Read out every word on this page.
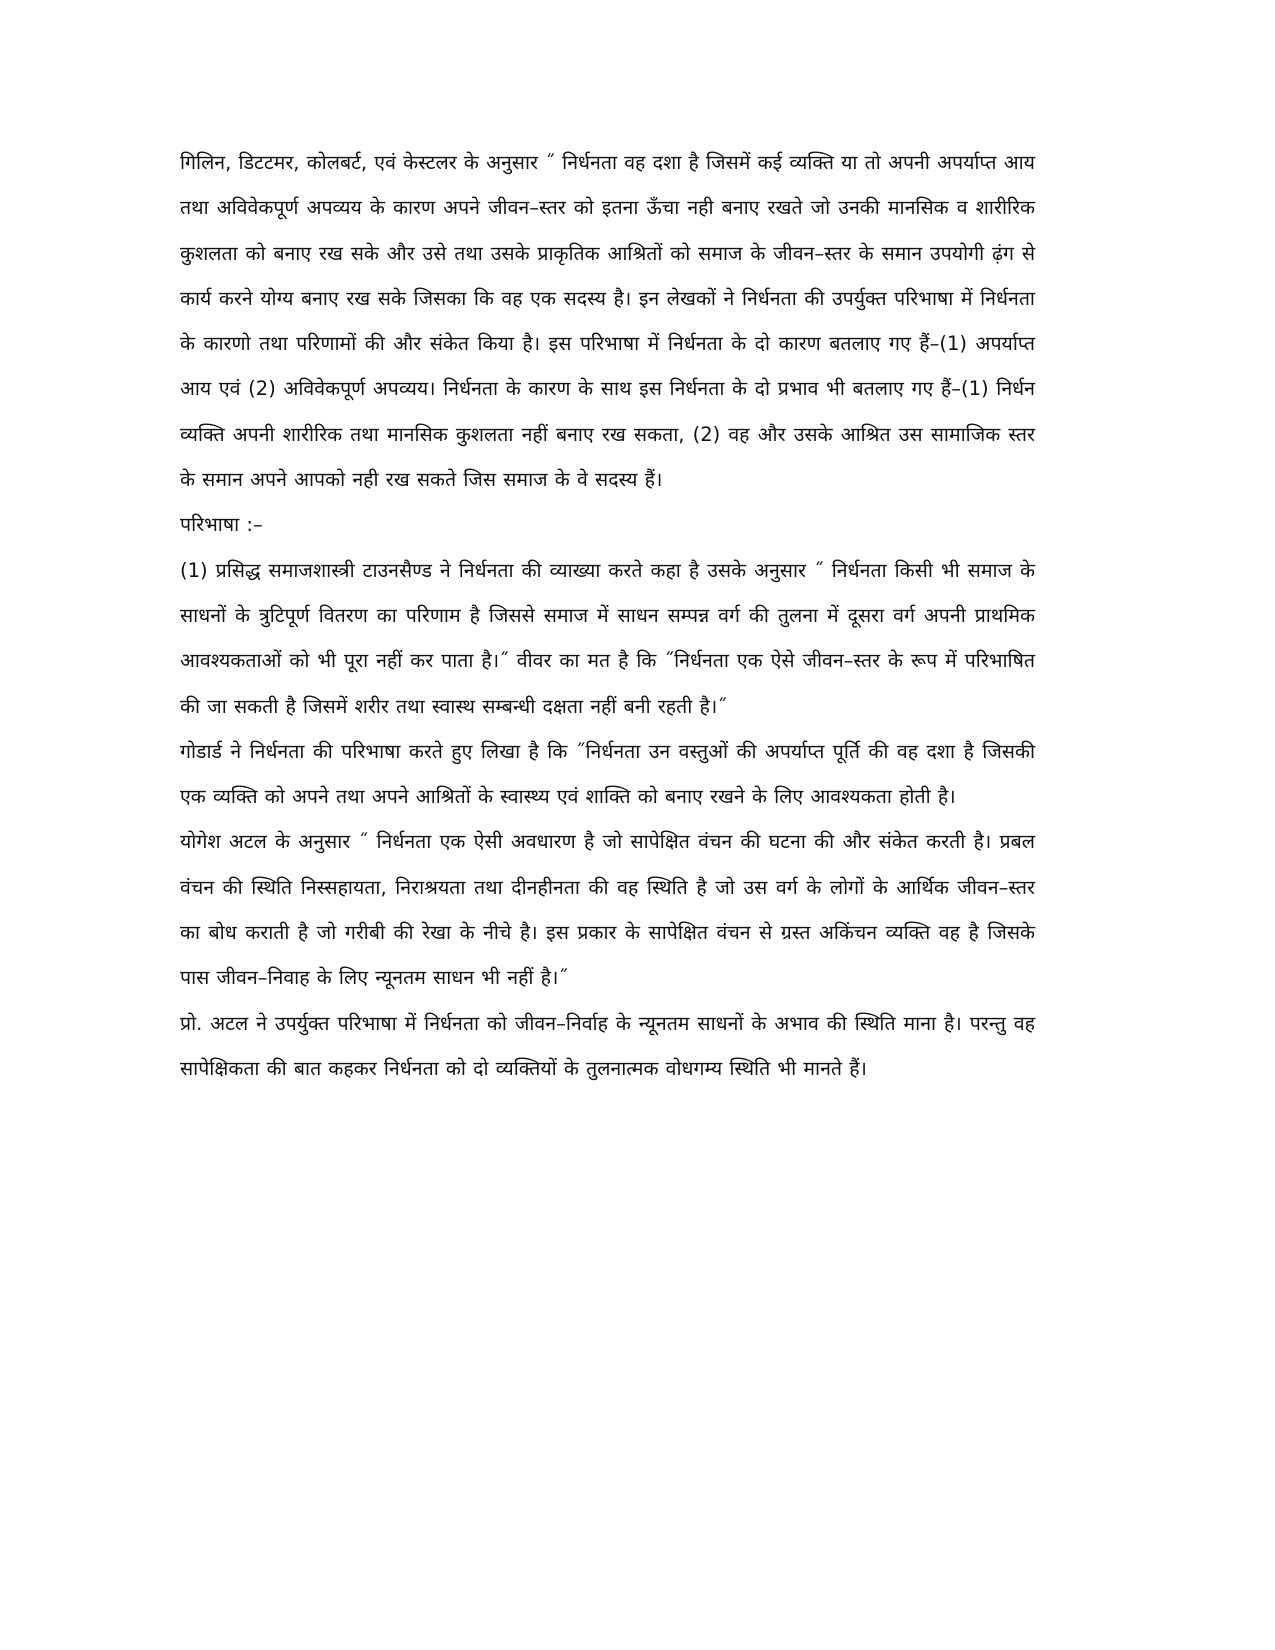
गिलिन, डिटटमर, कोलबर्ट, एवं केस्टलर के अनुसार ˝ निर्धनता वह दशा है जिसमें कई व्यक्ति या तो अपनी अपर्याप्त आय तथा अविवेकपूर्ण अपव्यय के कारण अपने जीवन–स्तर को इतना ऊँचा नही बनाए रखते जो उनकी मानसिक व शारीरिक कुशलता को बनाए रख सके और उसे तथा उसके प्राकृतिक आश्रितों को समाज के जीवन–स्तर के समान उपयोगी ढ़ंग से कार्य करने योग्य बनाए रख सके जिसका कि वह एक सदस्य है। इन लेखकों ने निर्धनता की उपर्युक्त परिभाषा में निर्धनता के कारणो तथा परिणामों की और संकेत किया है। इस परिभाषा में निर्धनता के दो कारण बतलाए गए हैं–(1) अपर्याप्त आय एवं (2) अविवेकपूर्ण अपव्यय। निर्धनता के कारण के साथ इस निर्धनता के दो प्रभाव भी बतलाए गए हैं–(1) निर्धन व्यक्ति अपनी शारीरिक तथा मानसिक कुशलता नहीं बनाए रख सकता, (2) वह और उसके आश्रित उस सामाजिक स्तर के समान अपने आपको नही रख सकते जिस समाज के वे सदस्य हैं।

परिभाषा :–

(1) प्रसिद्ध समाजशास्त्री टाउनसैण्ड ने निर्धनता की व्याख्या करते कहा है उसके अनुसार ˝ निर्धनता किसी भी समाज के साधनों के त्रुटिपूर्ण वितरण का परिणाम है जिससे समाज में साधन सम्पन्न वर्ग की तुलना में दूसरा वर्ग अपनी प्राथमिक आवश्यकताओं को भी पूरा नहीं कर पाता है।˝ वीवर का मत है कि ˝निर्धनता एक ऐसे जीवन–स्तर के रूप में परिभाषित की जा सकती है जिसमें शरीर तथा स्वास्थ सम्बन्धी दक्षता नहीं बनी रहती है।˝

गोडार्ड ने निर्धनता की परिभाषा करते हुए लिखा है कि ˝निर्धनता उन वस्तुओं की अपर्याप्त पूर्ति की वह दशा है जिसकी एक व्यक्ति को अपने तथा अपने आश्रितों के स्वास्थ्य एवं शाक्ति को बनाए रखने के लिए आवश्यकता होती है।

योगेश अटल के अनुसार ˝ निर्धनता एक ऐसी अवधारण है जो सापेक्षित वंचन की घटना की और संकेत करती है। प्रबल वंचन की स्थिति निस्सहायता, निराश्रयता तथा दीनहीनता की वह स्थिति है जो उस वर्ग के लोगों के आर्थिक जीवन–स्तर का बोध कराती है जो गरीबी की रेखा के नीचे है। इस प्रकार के सापेक्षित वंचन से ग्रस्त अकिंचन व्यक्ति वह है जिसके पास जीवन–निवाह के लिए न्यूनतम साधन भी नहीं है।˝

प्रो. अटल ने उपर्युक्त परिभाषा में निर्धनता को जीवन–निर्वाह के न्यूनतम साधनों के अभाव की स्थिति माना है। परन्तु वह सापेक्षिकता की बात कहकर निर्धनता को दो व्यक्तियों के तुलनात्मक वोधगम्य स्थिति भी मानते हैं।
